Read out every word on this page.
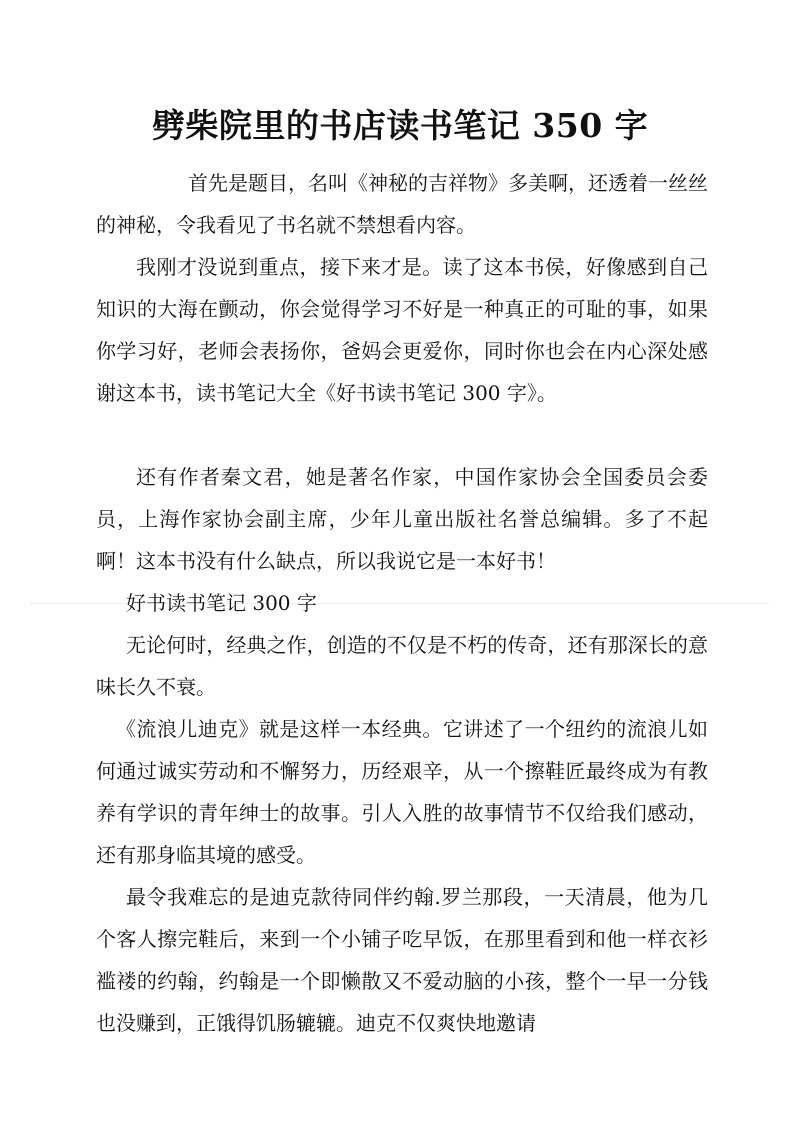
劈柴院里的书店读书笔记 350 字
首先是题目，名叫《神秘的吉祥物》多美啊，还透着一丝丝的神秘，令我看见了书名就不禁想看内容。
我刚才没说到重点，接下来才是。读了这本书侯，好像感到自己知识的大海在颤动，你会觉得学习不好是一种真正的可耻的事，如果你学习好，老师会表扬你，爸妈会更爱你，同时你也会在内心深处感谢这本书，读书笔记大全《好书读书笔记 300 字》。
还有作者秦文君，她是著名作家，中国作家协会全国委员会委员，上海作家协会副主席，少年儿童出版社名誉总编辑。多了不起啊！这本书没有什么缺点，所以我说它是一本好书！
好书读书笔记 300 字
无论何时，经典之作，创造的不仅是不朽的传奇，还有那深长的意味长久不衰。
《流浪儿迪克》就是这样一本经典。它讲述了一个纽约的流浪儿如何通过诚实劳动和不懈努力，历经艰辛，从一个擦鞋匠最终成为有教养有学识的青年绅士的故事。引人入胜的故事情节不仅给我们感动，还有那身临其境的感受。
最令我难忘的是迪克款待同伴约翰.罗兰那段，一天清晨，他为几个客人擦完鞋后，来到一个小铺子吃早饭，在那里看到和他一样衣衫褴褛的约翰，约翰是一个即懒散又不爱动脑的小孩，整个一早一分钱也没赚到，正饿得饥肠辘辘。迪克不仅爽快地邀请
